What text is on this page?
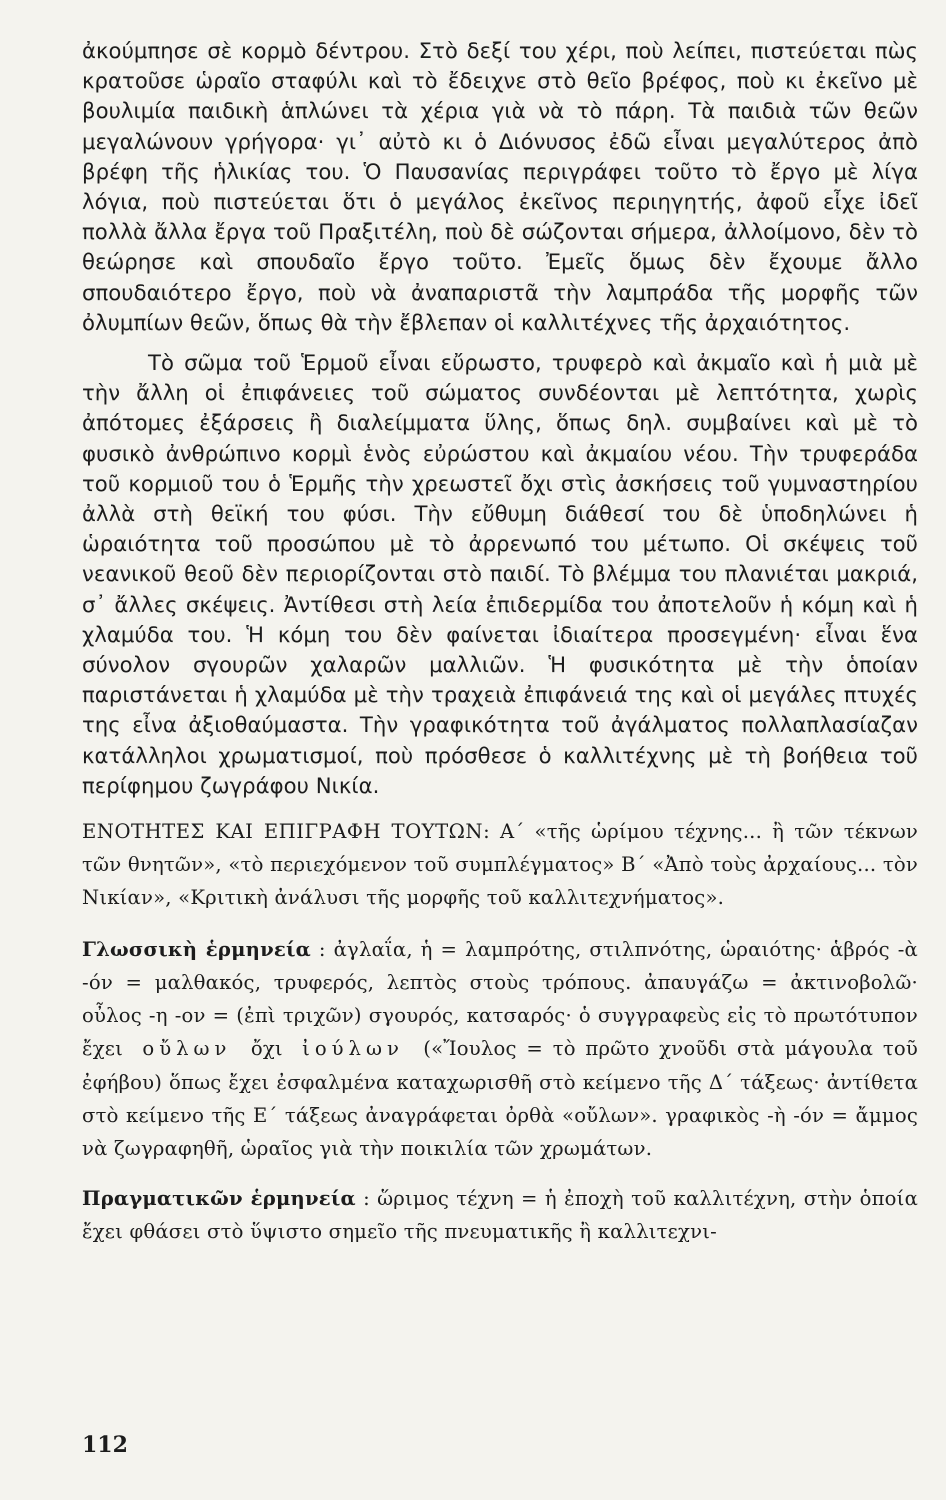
ἀκούμπησε σὲ κορμὸ δέντρου. Στὸ δεξί του χέρι, ποὺ λείπει, πιστεύεται πὼς κρατοῦσε ὡραῖο σταφύλι καὶ τὸ ἔδειχνε στὸ θεῖο βρέφος, ποὺ κι ἐκεῖνο μὲ βουλιμία παιδικὴ ἁπλώνει τὰ χέρια γιὰ νὰ τὸ πάρη. Τὰ παιδιὰ τῶν θεῶν μεγαλώνουν γρήγορα· γι᾽ αὐτὸ κι ὁ Διόνυσος ἐδῶ εἶναι μεγαλύτερος ἀπὸ βρέφη τῆς ἡλικίας του. Ὁ Παυσανίας περιγράφει τοῦτο τὸ ἔργο μὲ λίγα λόγια, ποὺ πιστεύεται ὅτι ὁ μεγάλος ἐκεῖνος περιηγητής, ἀφοῦ εἶχε ἰδεῖ πολλὰ ἄλλα ἔργα τοῦ Πραξιτέλη, ποὺ δὲ σώζονται σήμερα, ἀλλοίμονο, δὲν τὸ θεώρησε καὶ σπουδαῖο ἔργο τοῦτο. Ἐμεῖς ὅμως δὲν ἔχουμε ἄλλο σπουδαιότερο ἔργο, ποὺ νὰ ἀναπαριστᾶ τὴν λαμπράδα τῆς μορφῆς τῶν ὀλυμπίων θεῶν, ὅπως θὰ τὴν ἔβλεπαν οἱ καλλιτέχνες τῆς ἀρχαιότητος.

Τὸ σῶμα τοῦ Ἑρμοῦ εἶναι εὔρωστο, τρυφερὸ καὶ ἀκμαῖο καὶ ἡ μιὰ μὲ τὴν ἄλλη οἱ ἐπιφάνειες τοῦ σώματος συνδέονται μὲ λεπτότητα, χωρὶς ἀπότομες ἐξάρσεις ἢ διαλείμματα ὕλης, ὅπως δηλ. συμβαίνει καὶ μὲ τὸ φυσικὸ ἀνθρώπινο κορμὶ ἑνὸς εὐρώστου καὶ ἀκμαίου νέου. Τὴν τρυφεράδα τοῦ κορμιοῦ του ὁ Ἑρμῆς τὴν χρεωστεῖ ὄχι στὶς ἀσκήσεις τοῦ γυμναστηρίου ἀλλὰ στὴ θεϊκή του φύσι. Τὴν εὔθυμη διάθεσί του δὲ ὑποδηλώνει ἡ ὡραιότητα τοῦ προσώπου μὲ τὸ ἀρρενωπό του μέτωπο. Οἱ σκέψεις τοῦ νεανικοῦ θεοῦ δὲν περιορίζονται στὸ παιδί. Τὸ βλέμμα του πλανιέται μακριά, σ᾽ ἄλλες σκέψεις. Ἀντίθεσι στὴ λεία ἐπιδερμίδα του ἀποτελοῦν ἡ κόμη καὶ ἡ χλαμύδα του. Ἡ κόμη του δὲν φαίνεται ἰδιαίτερα προσεγμένη· εἶναι ἕνα σύνολον σγουρῶν χαλαρῶν μαλλιῶν. Ἡ φυσικότητα μὲ τὴν ὁποίαν παριστάνεται ἡ χλαμύδα μὲ τὴν τραχειὰ ἐπιφάνειά της καὶ οἱ μεγάλες πτυχές της εἶνα ἀξιοθαύμαστα. Τὴν γραφικότητα τοῦ ἀγάλματος πολλαπλασίαζαν κατάλληλοι χρωματισμοί, ποὺ πρόσθεσε ὁ καλλιτέχνης μὲ τὴ βοήθεια τοῦ περίφημου ζωγράφου Νικία.

ΕΝΟΤΗΤΕΣ ΚΑΙ ΕΠΙΓΡΑΦΗ ΤΟΥΤΩΝ: Α΄ «τῆς ὡρίμου τέχνης... ἢ τῶν τέκνων τῶν θνητῶν», «τὸ περιεχόμενον τοῦ συμπλέγματος» Β΄ «Ἀπὸ τοὺς ἀρχαίους... τὸν Νικίαν», «Κριτικὴ ἀνάλυσι τῆς μορφῆς τοῦ καλλιτεχνήματος».

Γλωσσικὴ ἑρμηνεία : ἀγλαΐα, ἡ = λαμπρότης, στιλπνότης, ὡραιότης· ἁβρός -ὰ -όν = μαλθακός, τρυφερός, λεπτὸς στοὺς τρόπους. ἀπαυγάζω = ἀκτινοβολῶ· οὖλος -η -ον = (ἐπὶ τριχῶν) σγουρός, κατσαρός· ὁ συγγραφεὺς εἰς τὸ πρωτότυπον ἔχει οὔλων ὄχι ἰούλων («Ἴουλος = τὸ πρῶτο χνοῦδι στὰ μάγουλα τοῦ ἐφήβου) ὅπως ἔχει ἐσφαλμένα καταχωρισθῆ στὸ κείμενο τῆς Δ΄ τάξεως· ἀντίθετα στὸ κείμενο τῆς Ε΄ τάξεως ἀναγράφεται ὀρθὰ «οὔλων». γραφικὸς -ὴ -όν = ἄμμος νὰ ζωγραφηθῆ, ὡραῖος γιὰ τὴν ποικιλία τῶν χρωμάτων.

Πραγματικῶν ἑρμηνεία : ὥριμος τέχνη = ἡ ἐποχὴ τοῦ καλλιτέχνη, στὴν ὁποία ἔχει φθάσει στὸ ὕψιστο σημεῖο τῆς πνευματικῆς ἢ καλλιτεχνι-

112
